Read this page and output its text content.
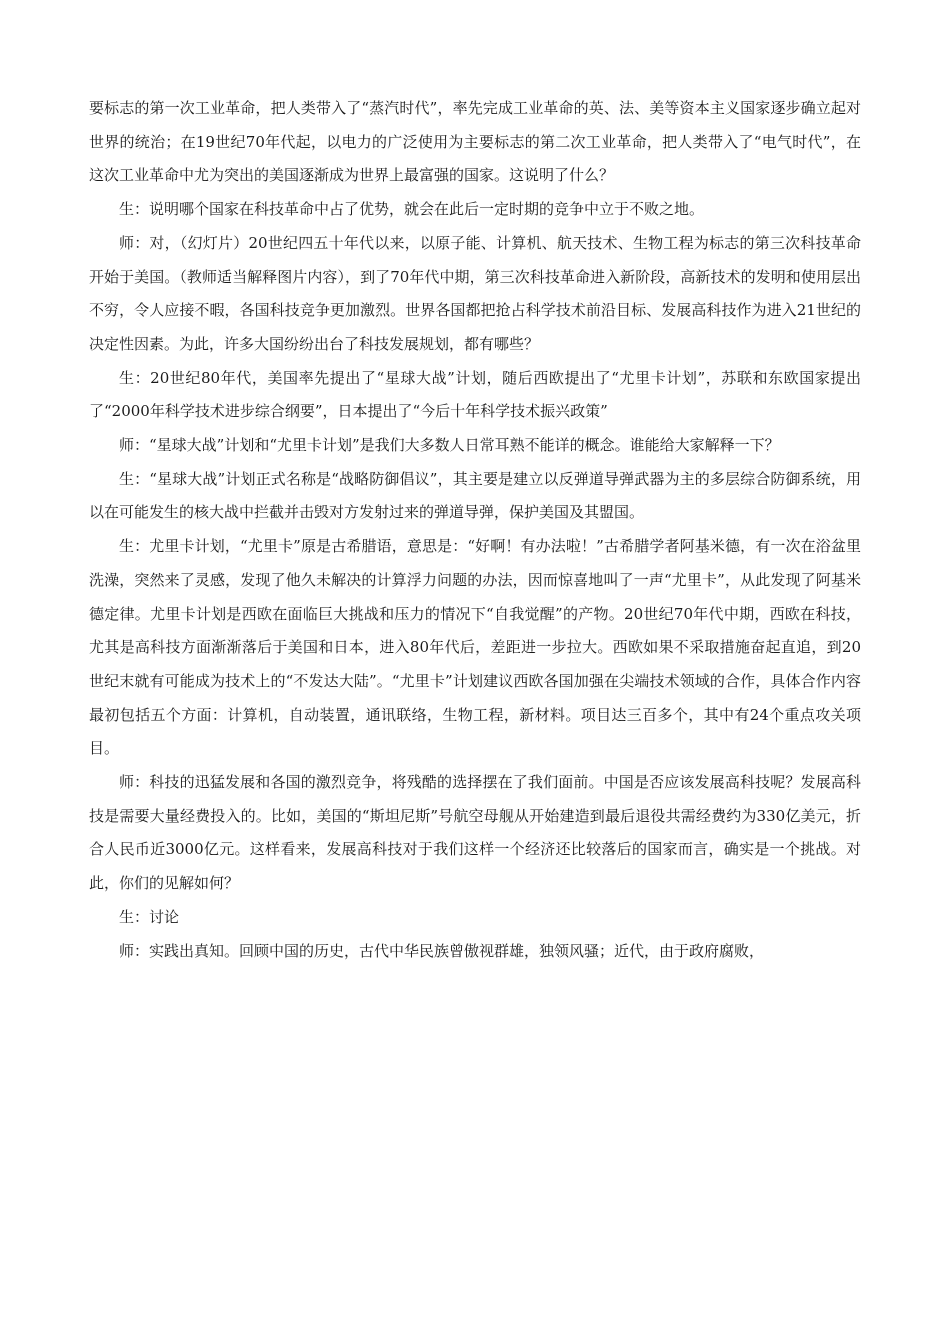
要标志的第一次工业革命，把人类带入了“蒸汽时代”，率先完成工业革命的英、法、美等资本主义国家逐步确立起对世界的统治；在19世纪70年代起，以电力的广泛使用为主要标志的第二次工业革命，把人类带入了“电气时代”，在这次工业革命中尤为突出的美国逐渐成为世界上最富强的国家。这说明了什么？

生：说明哪个国家在科技革命中占了优势，就会在此后一定时期的竞争中立于不败之地。

师：对，（幻灯片）20世纪四五十年代以来，以原子能、计算机、航天技术、生物工程为标志的第三次科技革命开始于美国。（教师适当解释图片内容），到了70年代中期，第三次科技革命进入新阶段，高新技术的发明和使用层出不穷，令人应接不暇，各国科技竞争更加激烈。世界各国都把抢占科学技术前沿目标、发展高科技作为进入21世纪的决定性因素。为此，许多大国纷纷出台了科技发展规划，都有哪些？

生：20世纪80年代，美国率先提出了“星球大战”计划，随后西欧提出了“尤里卡计划”，苏联和东欧国家提出了“2000年科学技术进步综合纲要”，日本提出了“今后十年科学技术振兴政策”

师：“星球大战”计划和“尤里卡计划”是我们大多数人日常耳熟不能详的概念。谁能给大家解释一下？

生：“星球大战”计划正式名称是“战略防御倡议”，其主要是建立以反弹道导弹武器为主的多层综合防御系统，用以在可能发生的核大战中拦截并击毁对方发射过来的弹道导弹，保护美国及其盟国。

生：尤里卡计划，“尤里卡”原是古希腊语，意思是：“好啊！有办法啦！”古希腊学者阿基米德，有一次在浴盆里洗澡，突然来了灵感，发现了他久未解决的计算浮力问题的办法，因而惊喜地叫了一声“尤里卡”，从此发现了阿基米德定律。尤里卡计划是西欧在面临巨大挑战和压力的情况下“自我觉醒”的产物。20世纪70年代中期，西欧在科技，尤其是高科技方面渐渐落后于美国和日本，进入80年代后，差距进一步拉大。西欧如果不采取措施奋起直追，到20世纪末就有可能成为技术上的“不发达大陆”。“尤里卡”计划建议西欧各国加强在尖端技术领域的合作，具体合作内容最初包括五个方面：计算机，自动装置，通讯联络，生物工程，新材料。项目达三百多个，其中有24个重点攻关项目。

师：科技的迅猛发展和各国的激烈竞争，将残酷的选择摆在了我们面前。中国是否应该发展高科技呢？发展高科技是需要大量经费投入的。比如，美国的“斯坦尼斯”号航空母舰从开始建造到最后退役共需经费约为330亿美元，折合人民币近3000亿元。这样看来，发展高科技对于我们这样一个经济还比较落后的国家而言，确实是一个挑战。对此，你们的见解如何？

生：讨论

师：实践出真知。回顾中国的历史，古代中华民族曾傲视群雄，独领风骚；近代，由于政府腐败，
